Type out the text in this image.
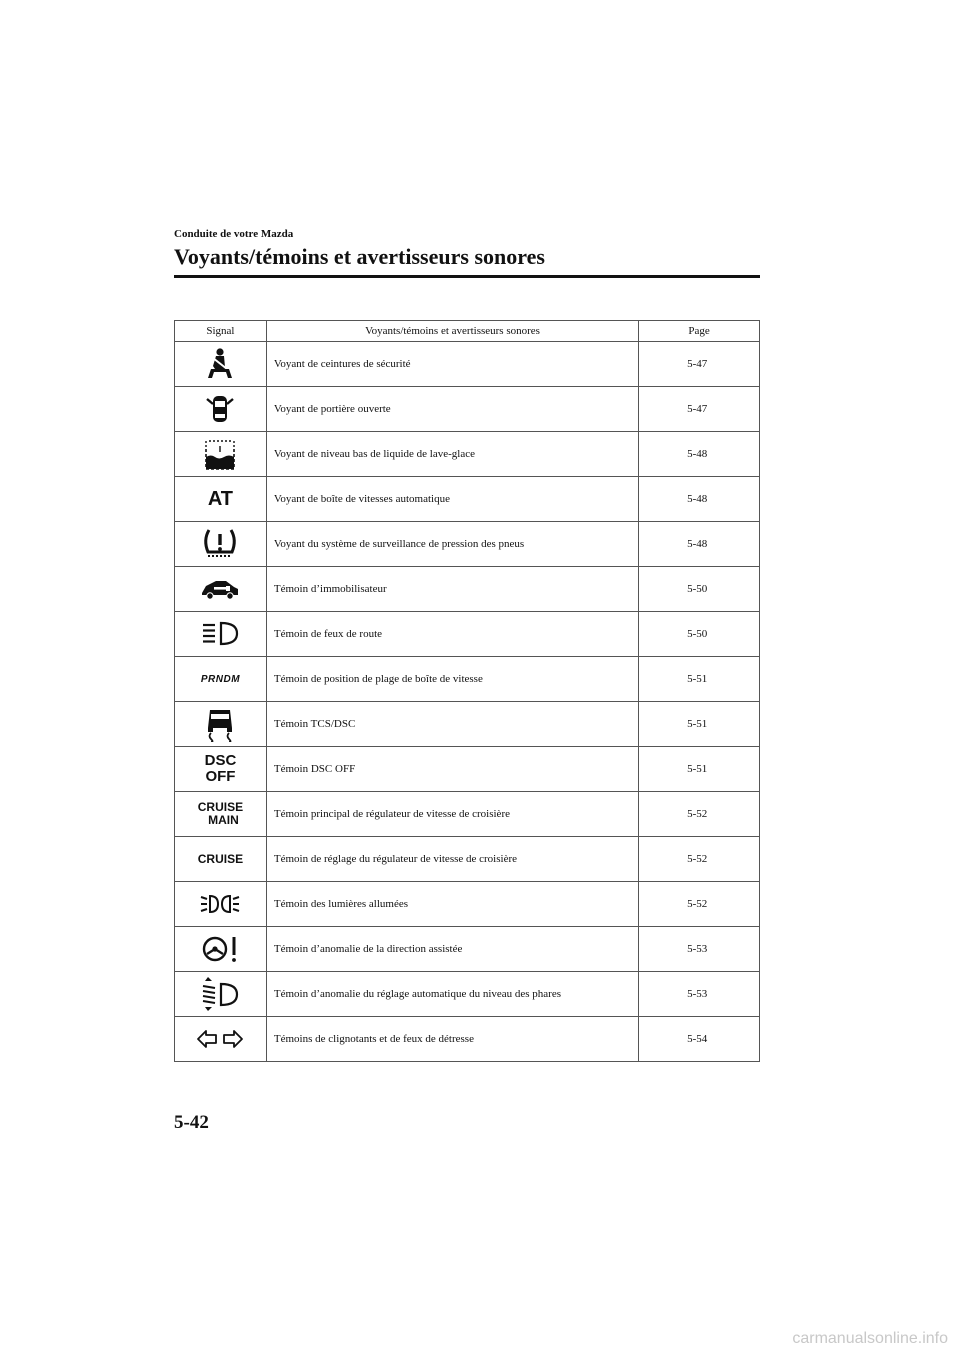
Conduite de votre Mazda
Voyants/témoins et avertisseurs sonores
Signal	Voyants/témoins et avertisseurs sonores	Page

	Voyant de ceintures de sécurité	5-47

	Voyant de portière ouverte	5-47

	Voyant de niveau bas de liquide de lave-glace	5-48
AT	Voyant de boîte de vitesses automatique	5-48

	Voyant du système de surveillance de pression des pneus	5-48

	Témoin d’immobilisateur	5-50

	Témoin de feux de route	5-50
PRNDM	Témoin de position de plage de boîte de vitesse	5-51

	Témoin TCS/DSC	5-51

DSC
OFF	Témoin DSC OFF	5-51

CRUISE
MAIN	Témoin principal de régulateur de vitesse de croisière	5-52
CRUISE	Témoin de réglage du régulateur de vitesse de croisière	5-52

	Témoin des lumières allumées	5-52

	Témoin d’anomalie de la direction assistée	5-53

	Témoin d’anomalie du réglage automatique du niveau des phares	5-53

	Témoins de clignotants et de feux de détresse	5-54
5-42
carmanualsonline.info
